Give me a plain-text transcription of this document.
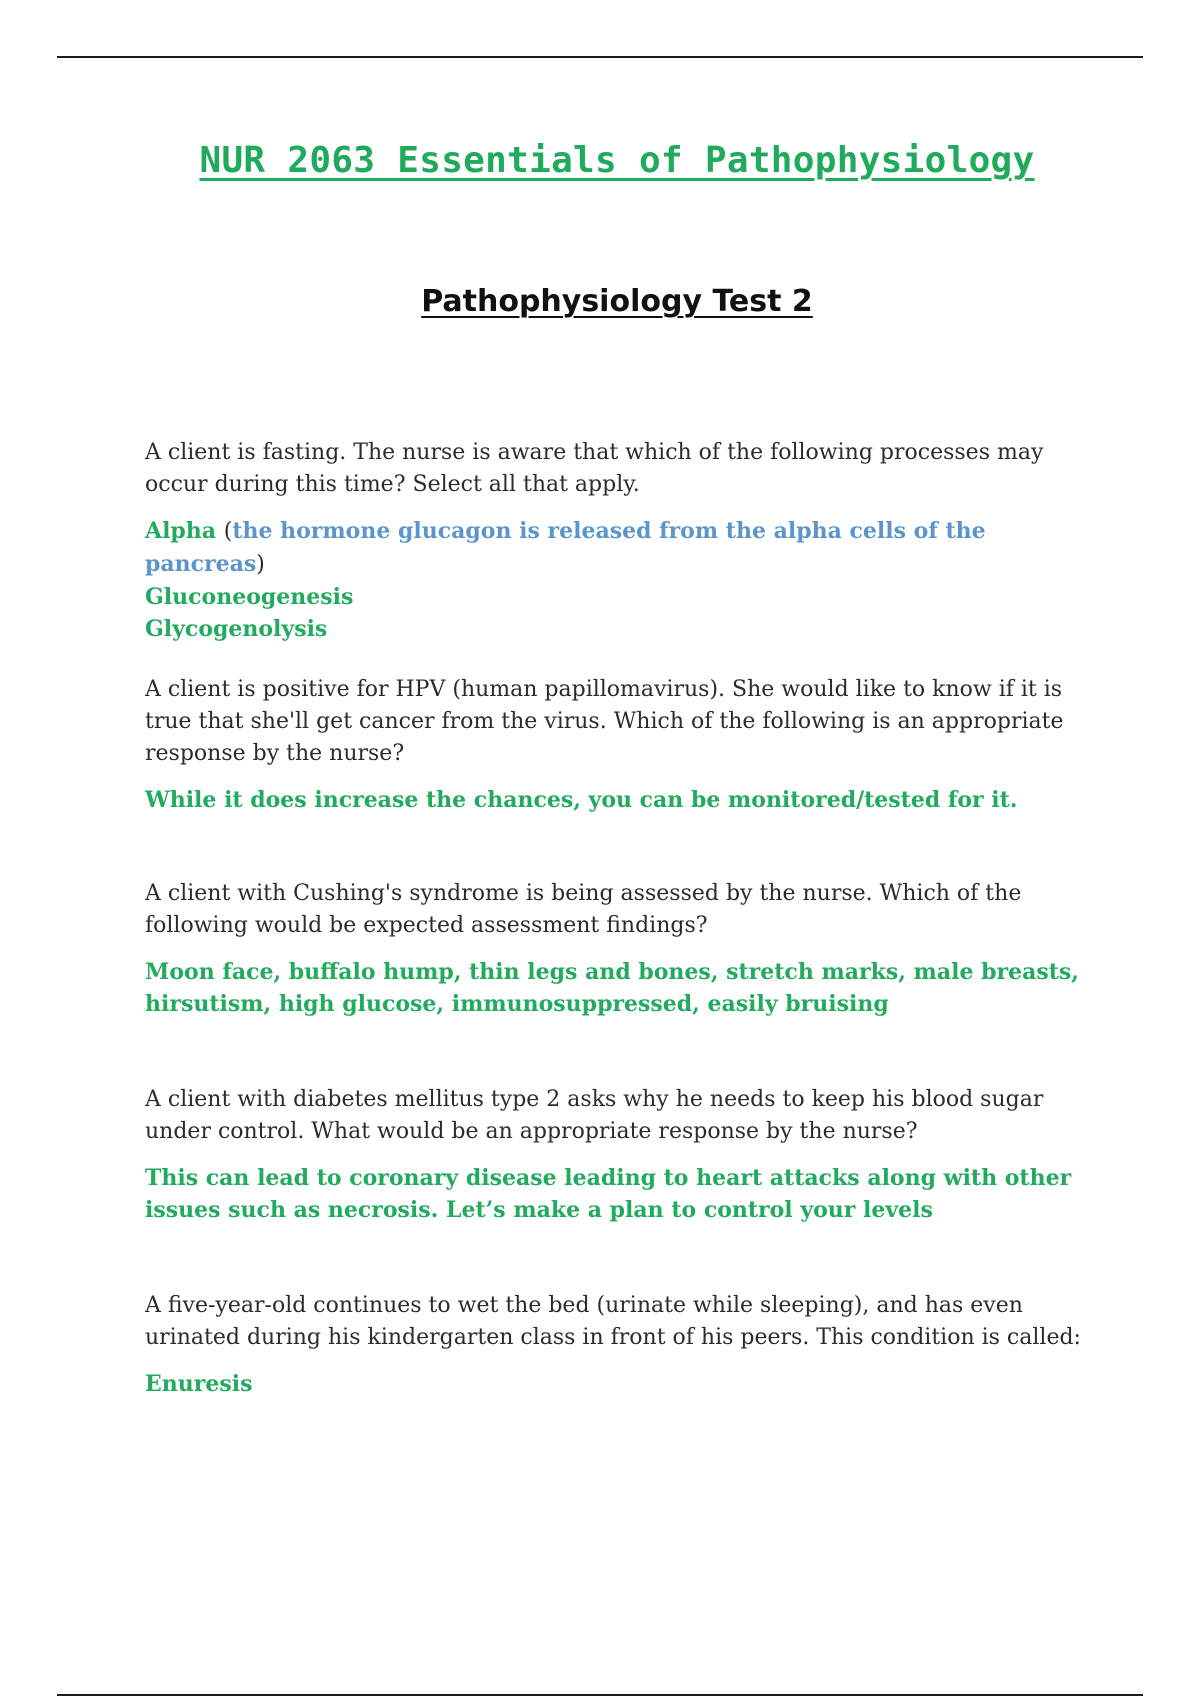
NUR 2063 Essentials of Pathophysiology
Pathophysiology Test 2

A client is fasting. The nurse is aware that which of the following processes may occur during this time? Select all that apply.

Alpha (the hormone glucagon is released from the alpha cells of the pancreas)
Gluconeogenesis
Glycogenolysis

A client is positive for HPV (human papillomavirus). She would like to know if it is true that she'll get cancer from the virus. Which of the following is an appropriate response by the nurse?

While it does increase the chances, you can be monitored/tested for it.

A client with Cushing's syndrome is being assessed by the nurse. Which of the following would be expected assessment findings?

Moon face, buffalo hump, thin legs and bones, stretch marks, male breasts, hirsutism, high glucose, immunosuppressed, easily bruising

A client with diabetes mellitus type 2 asks why he needs to keep his blood sugar under control. What would be an appropriate response by the nurse?

This can lead to coronary disease leading to heart attacks along with other issues such as necrosis. Let’s make a plan to control your levels

A five-year-old continues to wet the bed (urinate while sleeping), and has even urinated during his kindergarten class in front of his peers. This condition is called:

Enuresis
